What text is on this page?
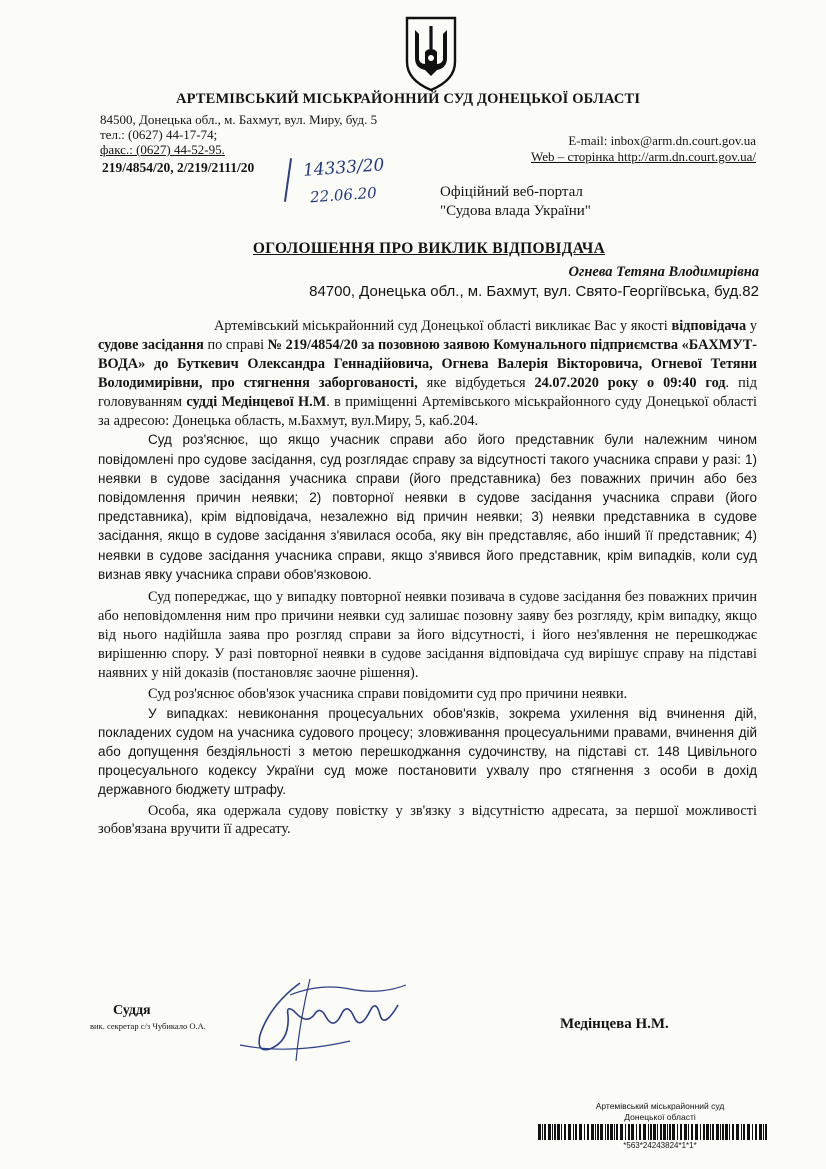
АРТЕМІВСЬКИЙ МІСЬКРАЙОННИЙ СУД ДОНЕЦЬКОЇ ОБЛАСТІ
84500, Донецька обл., м. Бахмут, вул. Миру, буд. 5
тел.: (0627) 44-17-74;
факс.: (0627) 44-52-95.
E-mail: inbox@arm.dn.court.gov.ua
Web – сторінка http://arm.dn.court.gov.ua/
219/4854/20, 2/219/2111/20	14333/20
22.06.20	Офіційний веб-портал
"Судова влада України"
ОГОЛОШЕННЯ ПРО ВИКЛИК ВІДПОВІДАЧА
Огнева Тетяна Влодимирівна
84700, Донецька обл., м. Бахмут, вул. Свято-Георгіївська, буд.82

Артемівський міськрайонний суд Донецької області викликає Вас у якості відповідача у судове засідання по справі № 219/4854/20 за позовною заявою Комунального підприємства «БАХМУТ-ВОДА» до Буткевич Олександра Геннадійовича, Огнева Валерія Вікторовича, Огневої Тетяни Володимирівни, про стягнення заборгованості, яке відбудеться 24.07.2020 року о 09:40 год. під головуванням судді Медінцевої Н.М. в приміщенні Артемівського міськрайонного суду Донецької області за адресою: Донецька область, м.Бахмут, вул.Миру, 5, каб.204.

Суд роз'яснює, що якщо учасник справи або його представник були належним чином повідомлені про судове засідання, суд розглядає справу за відсутності такого учасника справи у разі: 1) неявки в судове засідання учасника справи (його представника) без поважних причин або без повідомлення причин неявки; 2) повторної неявки в судове засідання учасника справи (його представника), крім відповідача, незалежно від причин неявки; 3) неявки представника в судове засідання, якщо в судове засідання з'явилася особа, яку він представляє, або інший її представник; 4) неявки в судове засідання учасника справи, якщо з'явився його представник, крім випадків, коли суд визнав явку учасника справи обов'язковою.

Суд попереджає, що у випадку повторної неявки позивача в судове засідання без поважних причин або неповідомлення ним про причини неявки суд залишає позовну заяву без розгляду, крім випадку, якщо від нього надійшла заява про розгляд справи за його відсутності, і його нез'явлення не перешкоджає вирішенню спору. У разі повторної неявки в судове засідання відповідача суд вирішує справу на підставі наявних у ній доказів (постановляє заочне рішення).

Суд роз'яснює обов'язок учасника справи повідомити суд про причини неявки.

У випадках: невиконання процесуальних обов'язків, зокрема ухилення від вчинення дій, покладених судом на учасника судового процесу; зловживання процесуальними правами, вчинення дій або допущення бездіяльності з метою перешкоджання судочинству, на підставі ст. 148 Цивільного процесуального кодексу України суд може постановити ухвалу про стягнення з особи в дохід державного бюджету штрафу.

Особа, яка одержала судову повістку у зв'язку з відсутністю адресата, за першої можливості зобов'язана вручити її адресату.

Суддя
вик. секретар с/з Чубикало О.А.	Медінцева Н.М.
Артемівський міськрайонний суд
Донецької області
*563*24243824*1*1*
